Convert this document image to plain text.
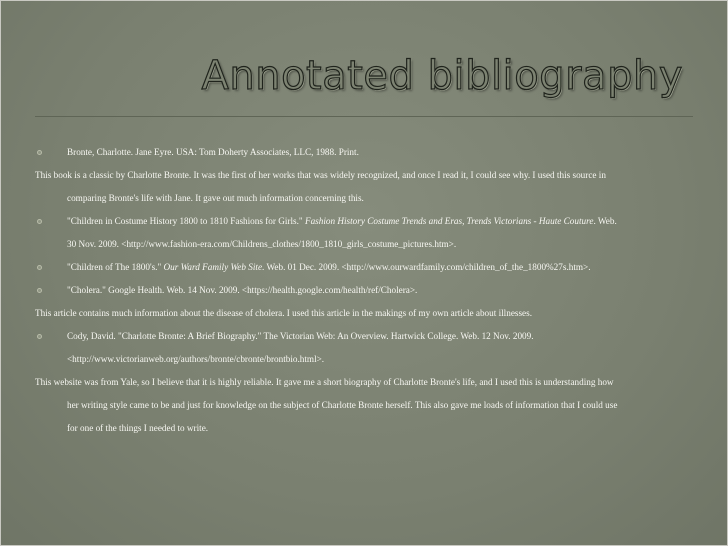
Annotated bibliography
Bronte, Charlotte. Jane Eyre. USA: Tom Doherty Associates, LLC, 1988. Print.
This book is a classic by Charlotte Bronte. It was the first of her works that was widely recognized, and once I read it, I could see why. I used this source in
comparing Bronte's life with Jane. It gave out much information concerning this.
"Children in Costume History 1800 to 1810 Fashions for Girls." Fashion History Costume Trends and Eras, Trends Victorians - Haute Couture. Web.
30 Nov. 2009. <http://www.fashion-era.com/Childrens_clothes/1800_1810_girls_costume_pictures.htm>.
"Children of The 1800's." Our Ward Family Web Site. Web. 01 Dec. 2009. <http://www.ourwardfamily.com/children_of_the_1800%27s.htm>.
"Cholera." Google Health. Web. 14 Nov. 2009. <https://health.google.com/health/ref/Cholera>.
This article contains much information about the disease of cholera. I used this article in the makings of my own article about illnesses.
Cody, David. "Charlotte Bronte: A Brief Biography." The Victorian Web: An Overview. Hartwick College. Web. 12 Nov. 2009.
<http://www.victorianweb.org/authors/bronte/cbronte/brontbio.html>.
This website was from Yale, so I believe that it is highly reliable. It gave me a short biography of Charlotte Bronte's life, and I used this is understanding how
her writing style came to be and just for knowledge on the subject of Charlotte Bronte herself. This also gave me loads of information that I could use
for one of the things I needed to write.
